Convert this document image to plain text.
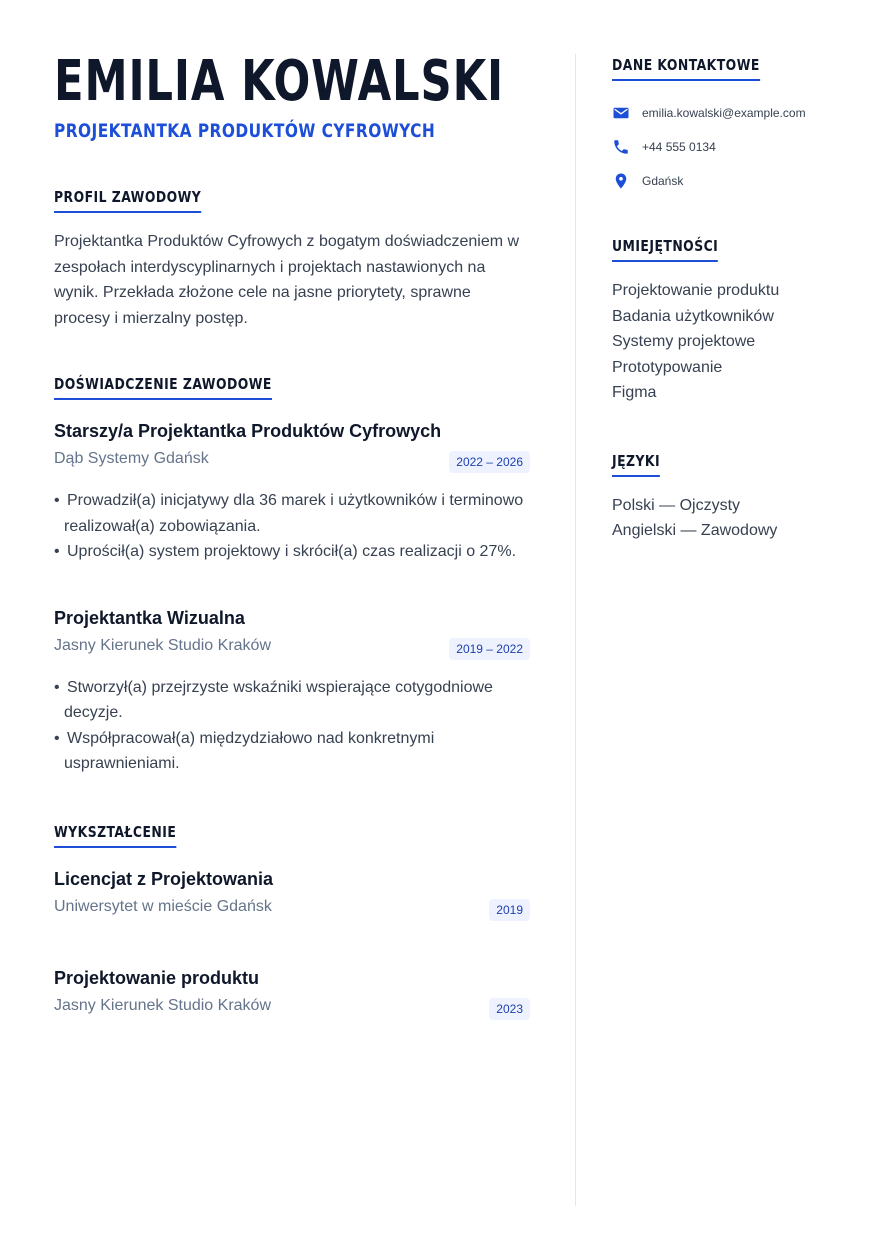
EMILIA KOWALSKI
PROJEKTANTKA PRODUKTÓW CYFROWYCH
PROFIL ZAWODOWY

Projektantka Produktów Cyfrowych z bogatym doświadczeniem w zespołach interdyscyplinarnych i projektach nastawionych na wynik. Przekłada złożone cele na jasne priorytety, sprawne procesy i mierzalny postęp.

DOŚWIADCZENIE ZAWODOWE
Starszy/a Projektantka Produktów Cyfrowych
Dąb Systemy Gdańsk	2022 – 2026
• Prowadził(a) inicjatywy dla 36 marek i użytkowników i terminowo realizował(a) zobowiązania.
• Uprościł(a) system projektowy i skrócił(a) czas realizacji o 27%.
Projektantka Wizualna
Jasny Kierunek Studio Kraków	2019 – 2022
• Stworzył(a) przejrzyste wskaźniki wspierające cotygodniowe decyzje.
• Współpracował(a) międzydziałowo nad konkretnymi usprawnieniami.
WYKSZTAŁCENIE
Licencjat z Projektowania
Uniwersytet w mieście Gdańsk	2019
Projektowanie produktu
Jasny Kierunek Studio Kraków	2023
DANE KONTAKTOWE
emilia.kowalski@example.com
+44 555 0134
Gdańsk
UMIEJĘTNOŚCI
Projektowanie produktu
Badania użytkowników
Systemy projektowe
Prototypowanie
Figma
JĘZYKI
Polski — Ojczysty
Angielski — Zawodowy
